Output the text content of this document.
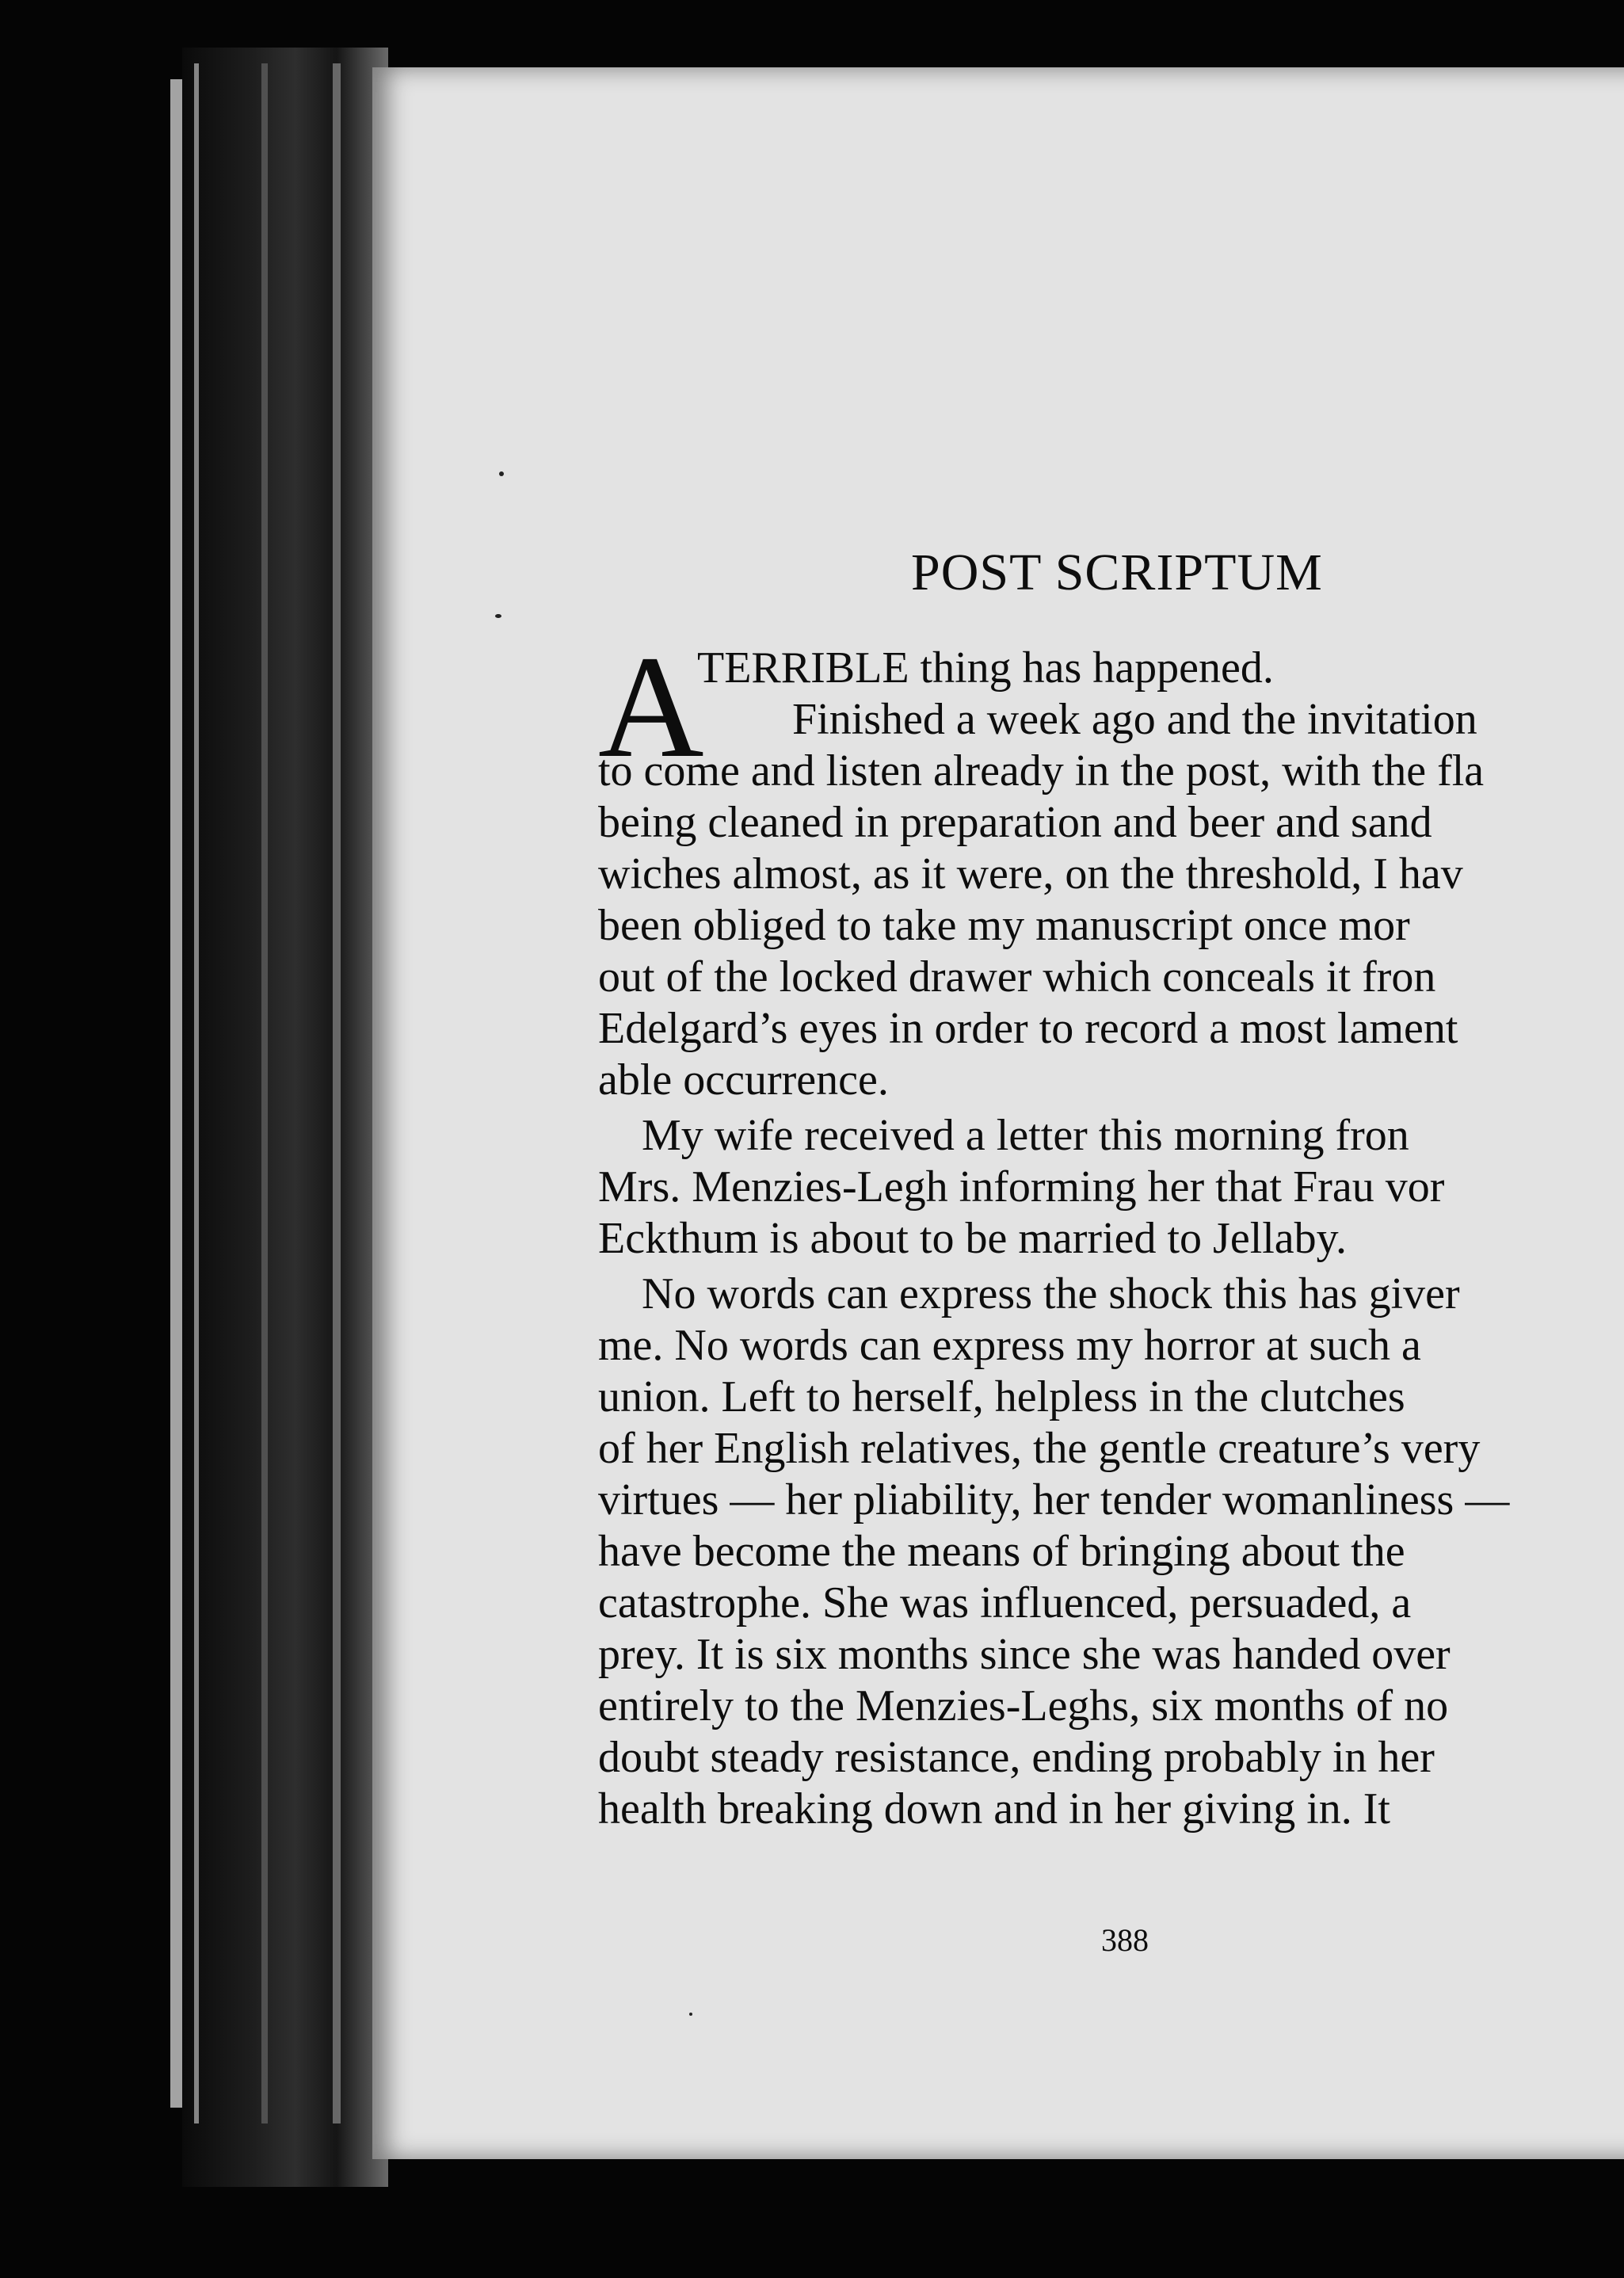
POST SCRIPTUM
A
TERRIBLE thing has happened.
Finished a week ago and the invitation
to come and listen already in the post, with the fla
being cleaned in preparation and beer and sand
wiches almost, as it were, on the threshold, I hav
been obliged to take my manuscript once mor
out of the locked drawer which conceals it fron
Edelgard’s eyes in order to record a most lament
able occurrence.
My wife received a letter this morning fron
Mrs. Menzies-Legh informing her that Frau vor
Eckthum is about to be married to Jellaby.
No words can express the shock this has giver
me. No words can express my horror at such a
union. Left to herself, helpless in the clutches
of her English relatives, the gentle creature’s very
virtues — her pliability, her tender womanliness —
have become the means of bringing about the
catastrophe. She was influenced, persuaded, a
prey. It is six months since she was handed over
entirely to the Menzies-Leghs, six months of no
doubt steady resistance, ending probably in her
health breaking down and in her giving in. It
388
